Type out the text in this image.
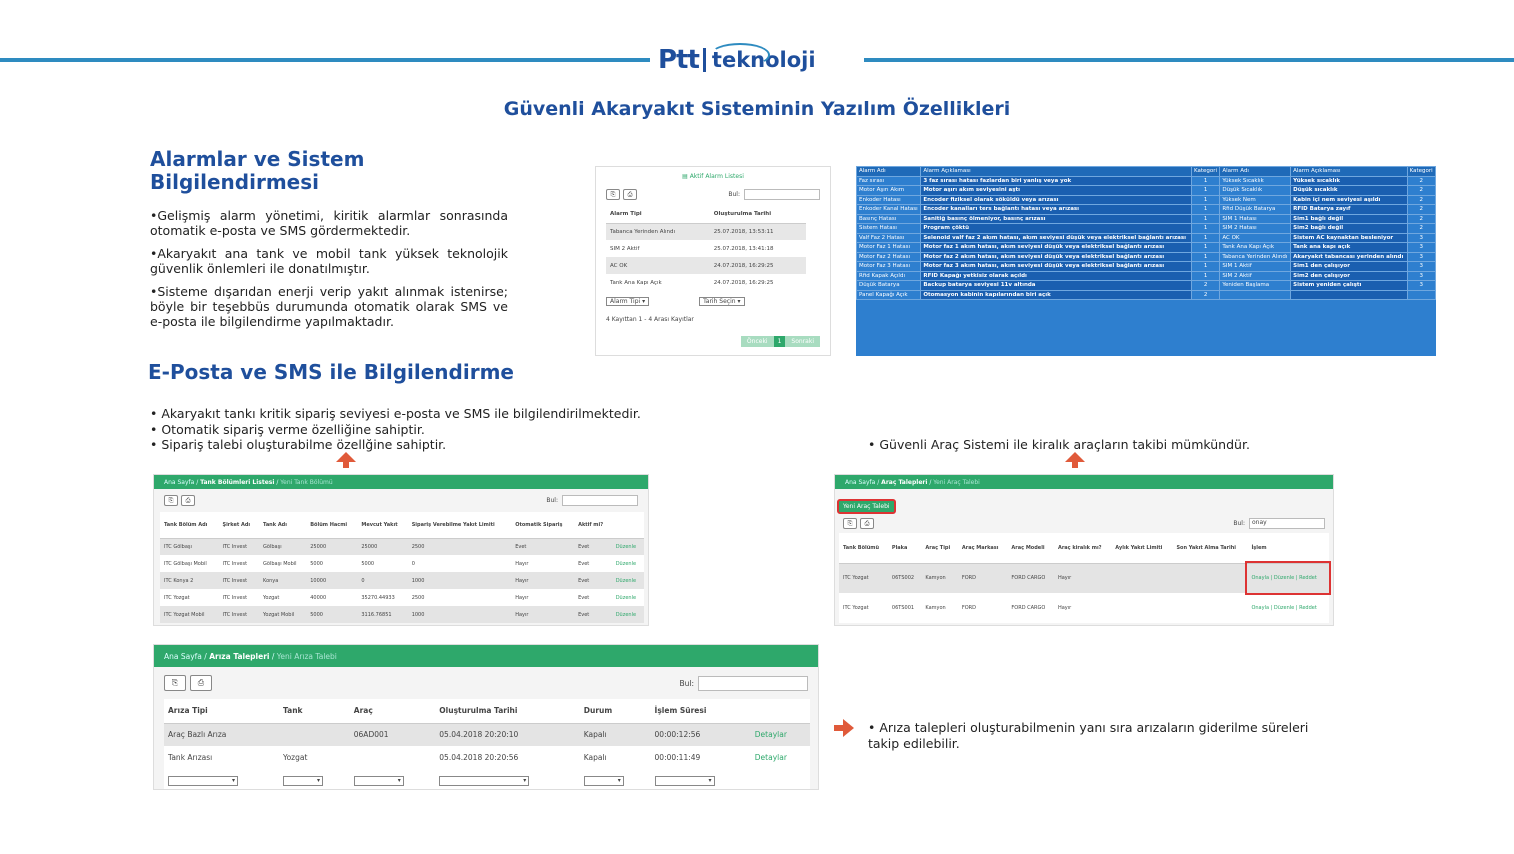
Ptt teknoloji
Güvenli Akaryakıt Sisteminin Yazılım Özellikleri
Alarmlar ve Sistem
Bilgilendirmesi

•Gelişmiş alarm yönetimi, kiritik alarmlar sonrasında otomatik e-posta ve SMS gördermektedir.

•Akaryakıt ana tank ve mobil tank yüksek teknolojik güvenlik önlemleri ile donatılmıştır.

•Sisteme dışarıdan enerji verip yakıt alınmak istenirse; böyle bir teşebbüs durumunda otomatik olarak SMS ve e-posta ile bilgilendirme yapılmaktadır.

▤ Aktif Alarm Listesi
⎘	⎙	Bul:
Alarm Tipi	Oluşturulma Tarihi
Tabanca Yerinden Alındı	25.07.2018, 13:53:11
SIM 2 Aktif	25.07.2018, 13:41:18
AC OK	24.07.2018, 16:29:25
Tank Ana Kapı Açık	24.07.2018, 16:29:25
Alarm Tipi ▾	Tarih Seçin ▾
4 Kayıttan 1 - 4 Arası Kayıtlar
Önceki	1	Sonraki
Alarm Adı	Alarm Açıklaması	Kategori	Alarm Adı	Alarm Açıklaması	Kategori
Faz sırası	3 faz sırası hatası fazlardan biri yanlış veya yok	1	Yüksek Sıcaklık	Yüksek sıcaklık	2
Motor Aşırı Akım	Motor aşırı akım seviyesini aştı	1	Düşük Sıcaklık	Düşük sıcaklık	2
Enkoder Hatası	Encoder fiziksel olarak söküldü veya arızası	1	Yüksek Nem	Kabin içi nem seviyesi aşıldı	2
Enkoder Kanal Hatası	Encoder kanalları ters bağlantı hatası veya arızası	1	Rfid Düşük Batarya	RFID Batarya zayıf	2
Basınç Hatası	Sanitiğ basınç ölmeniyor, basınç arızası	1	SIM 1 Hatası	Sim1 bağlı değil	2
Sistem Hatası	Program çöktü	1	SIM 2 Hatası	Sim2 bağlı değil	2
Valf Faz 2 Hatası	Selenoid valf faz 2 akım hatası, akım seviyesi düşük veya elektriksel bağlantı arızası	1	AC OK	Sistem AC kaynaktan besleniyor	3
Motor Faz 1 Hatası	Motor faz 1 akım hatası, akım seviyesi düşük veya elektriksel bağlantı arızası	1	Tank Ana Kapı Açık	Tank ana kapı açık	3
Motor Faz 2 Hatası	Motor faz 2 akım hatası, akım seviyesi düşük veya elektriksel bağlantı arızası	1	Tabanca Yerinden Alındı	Akaryakıt tabancası yerinden alındı	3
Motor Faz 3 Hatası	Motor faz 3 akım hatası, akım seviyesi düşük veya elektriksel bağlantı arızası	1	SIM 1 Aktif	Sim1 den çalışıyor	3
Rfid Kapak Açıldı	RFID Kapağı yetkisiz olarak açıldı	1	SIM 2 Aktif	Sim2 den çalışıyor	3
Düşük Batarya	Backup batarya seviyesi 11v altında	2	Yeniden Başlama	Sistem yeniden çalıştı	3
Panel Kapağı Açık	Otomasyon kabinin kapılarından biri açık	2			
E-Posta ve SMS ile Bilgilendirme
• Akaryakıt tankı kritik sipariş seviyesi e-posta ve SMS ile bilgilendirilmektedir.
• Otomatik sipariş verme özelliğine sahiptir.
• Sipariş talebi oluşturabilme özellğine sahiptir.	• Güvenli Araç Sistemi ile kiralık araçların takibi mümkündür.
Ana Sayfa / Tank Bölümleri Listesi / Yeni Tank Bölümü
⎘	⎙	Bul:
Tank Bölüm Adı	Şirket Adı	Tank Adı	Bölüm Hacmi	Mevcut Yakıt	Sipariş Verebilme Yakıt Limiti	Otomatik Sipariş	Aktif mi?	
ITC Gölbaşı	ITC Invest	Gölbaşı	25000	25000	2500	Evet	Evet	Düzenle
ITC Gölbaşı Mobil	ITC Invest	Gölbaşı Mobil	5000	5000	0	Hayır	Evet	Düzenle
ITC Konya 2	ITC Invest	Konya	10000	0	1000	Hayır	Evet	Düzenle
ITC Yozgat	ITC Invest	Yozgat	40000	35270.44933	2500	Hayır	Evet	Düzenle
ITC Yozgat Mobil	ITC Invest	Yozgat Mobil	5000	3116.76851	1000	Hayır	Evet	Düzenle
Ana Sayfa / Araç Talepleri / Yeni Araç Talebi
Yeni Araç Talebi
⎘	⎙	Bul:	onay
Tank Bölümü	Plaka	Araç Tipi	Araç Markası	Araç Modeli	Araç kiralık mı?	Aylık Yakıt Limiti	Son Yakıt Alma Tarihi	İşlem
ITC Yozgat	06TS002	Kamyon	FORD	FORD CARGO	Hayır			Onayla | Düzenle | Reddet
ITC Yozgat	06TS001	Kamyon	FORD	FORD CARGO	Hayır			Onayla | Düzenle | Reddet
Ana Sayfa / Arıza Talepleri / Yeni Arıza Talebi
⎘	⎙	Bul:
Arıza Tipi	Tank	Araç	Oluşturulma Tarihi	Durum	İşlem Süresi	
Araç Bazlı Arıza		06AD001	05.04.2018 20:20:10	Kapalı	00:00:12:56	Detaylar
Tank Arızası	Yozgat		05.04.2018 20:20:56	Kapalı	00:00:11:49	Detaylar
▾	▾	▾	▾	▾	▾	
• Arıza talepleri oluşturabilmenin yanı sıra arızaların giderilme süreleri takip edilebilir.
